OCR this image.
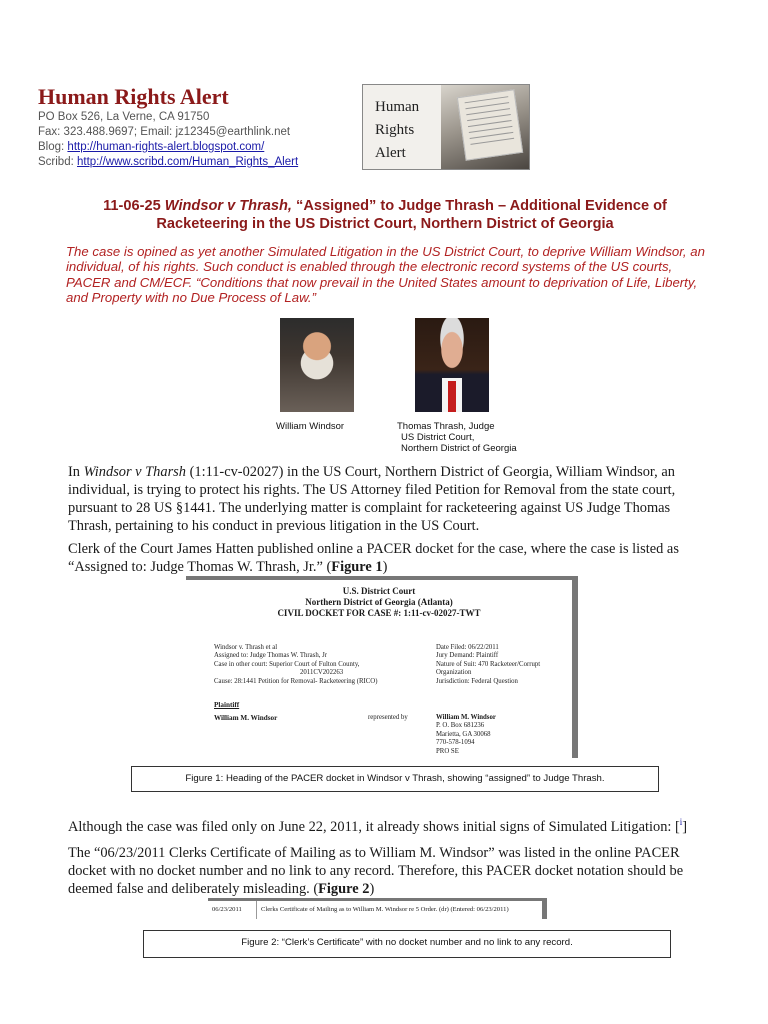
Human Rights Alert
PO Box 526, La Verne, CA 91750
Fax: 323.488.9697; Email: jz12345@earthlink.net
Blog: http://human-rights-alert.blogspot.com/
Scribd: http://www.scribd.com/Human_Rights_Alert
Human
Rights
Alert
11-06-25 Windsor v Thrash, “Assigned” to Judge Thrash – Additional Evidence of
Racketeering in the US District Court, Northern District of Georgia
The case is opined as yet another Simulated Litigation in the US District Court, to deprive William Windsor, an individual, of his rights. Such conduct is enabled through the electronic record systems of the US courts, PACER and CM/ECF. “Conditions that now prevail in the United States amount to deprivation of Life, Liberty, and Property with no Due Process of Law.”
William Windsor	Thomas Thrash, Judge
US District Court,
Northern District of Georgia
In Windsor v Tharsh (1:11-cv-02027) in the US Court, Northern District of Georgia, William Windsor, an individual, is trying to protect his rights. The US Attorney filed Petition for Removal from the state court, pursuant to 28 US §1441. The underlying matter is complaint for racketeering against US Judge Thomas Thrash, pertaining to his conduct in previous litigation in the US Court.
Clerk of the Court James Hatten published online a PACER docket for the case, where the case is listed as “Assigned to: Judge Thomas W. Thrash, Jr.” (Figure 1)
U.S. District Court
Northern District of Georgia (Atlanta)
CIVIL DOCKET FOR CASE #: 1:11-cv-02027-TWT
Windsor v. Thrash et al
Assigned to: Judge Thomas W. Thrash, Jr
Case in other court: Superior Court of Fulton County,
2011CV202263
Cause: 28:1441 Petition for Removal- Racketeering (RICO)
Date Filed: 06/22/2011
Jury Demand: Plaintiff
Nature of Suit: 470 Racketeer/Corrupt
Organization
Jurisdiction: Federal Question
Plaintiff
William M. Windsor	represented by	William M. Windsor
P. O. Box 681236
Marietta, GA 30068
770-578-1094
PRO SE
Figure 1: Heading of the PACER docket in Windsor v Thrash, showing “assigned” to Judge Thrash.
Although the case was filed only on June 22, 2011, it already shows initial signs of Simulated Litigation: [$^i$]
The “06/23/2011 Clerks Certificate of Mailing as to William M. Windsor” was listed in the online PACER docket with no docket number and no link to any record. Therefore, this PACER docket notation should be deemed false and deliberately misleading. (Figure 2)
06/23/2011	Clerks Certificate of Mailing as to William M. Windsor re 5 Order. (dr) (Entered: 06/23/2011)
Figure 2: “Clerk’s Certificate” with no docket number and no link to any record.
